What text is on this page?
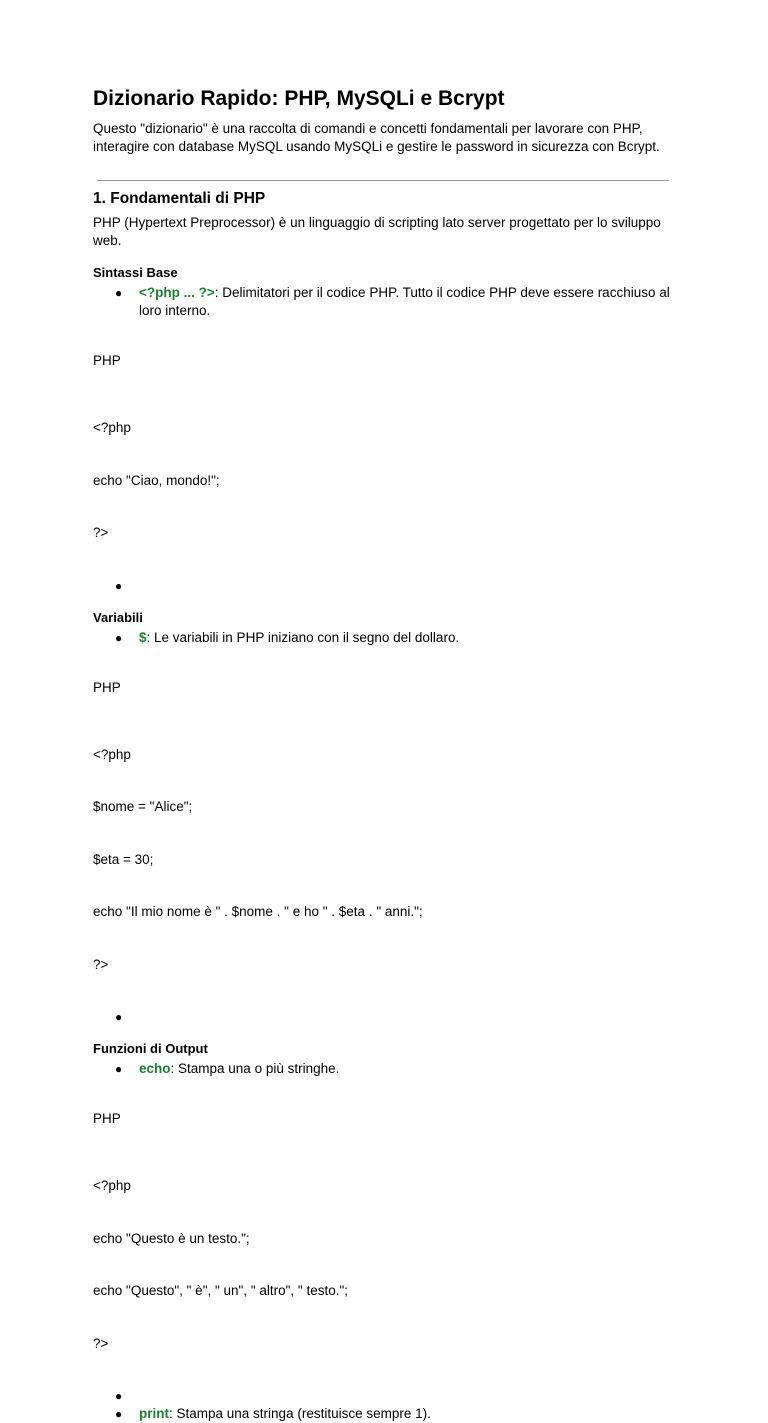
Dizionario Rapido: PHP, MySQLi e Bcrypt

Questo "dizionario" è una raccolta di comandi e concetti fondamentali per lavorare con PHP, interagire con database MySQL usando MySQLi e gestire le password in sicurezza con Bcrypt.

1. Fondamentali di PHP

PHP (Hypertext Preprocessor) è un linguaggio di scripting lato server progettato per lo sviluppo web.

Sintassi Base
● <?php ... ?>: Delimitatori per il codice PHP. Tutto il codice PHP deve essere racchiuso al loro interno.

PHP

<?php

echo "Ciao, mondo!";

?>

●

Variabili
● $: Le variabili in PHP iniziano con il segno del dollaro.

PHP

<?php

$nome = "Alice";

$eta = 30;

echo "Il mio nome è " . $nome . " e ho " . $eta . " anni.";

?>

●

Funzioni di Output
● echo: Stampa una o più stringhe.

PHP

<?php

echo "Questo è un testo.";

echo "Questo", " è", " un", " altro", " testo.";

?>

●

● print: Stampa una stringa (restituisce sempre 1).
